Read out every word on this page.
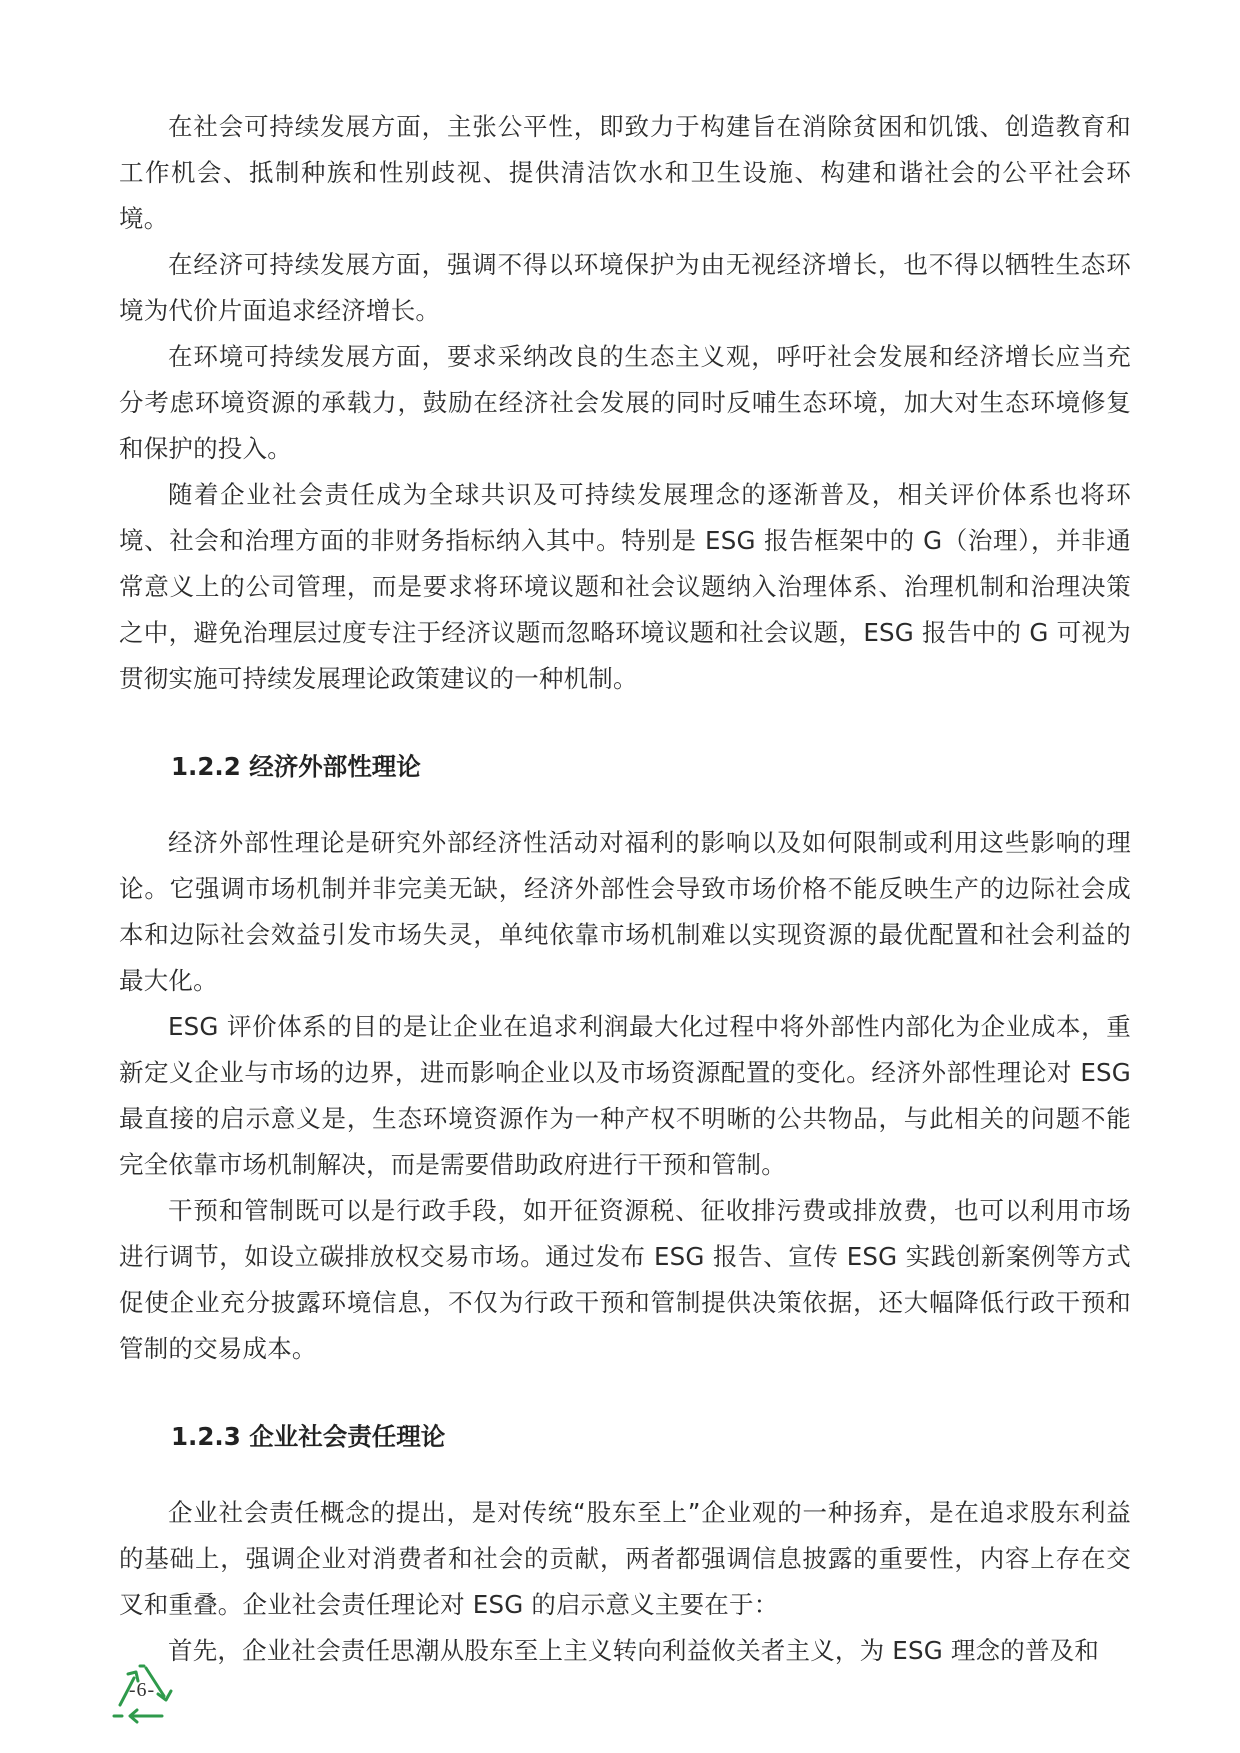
在社会可持续发展方面，主张公平性，即致力于构建旨在消除贫困和饥饿、创造教育和工作机会、抵制种族和性别歧视、提供清洁饮水和卫生设施、构建和谐社会的公平社会环境。

在经济可持续发展方面，强调不得以环境保护为由无视经济增长，也不得以牺牲生态环境为代价片面追求经济增长。

在环境可持续发展方面，要求采纳改良的生态主义观，呼吁社会发展和经济增长应当充分考虑环境资源的承载力，鼓励在经济社会发展的同时反哺生态环境，加大对生态环境修复和保护的投入。

随着企业社会责任成为全球共识及可持续发展理念的逐渐普及，相关评价体系也将环境、社会和治理方面的非财务指标纳入其中。特别是 ESG 报告框架中的 G（治理），并非通常意义上的公司管理，而是要求将环境议题和社会议题纳入治理体系、治理机制和治理决策之中，避免治理层过度专注于经济议题而忽略环境议题和社会议题，ESG 报告中的 G 可视为贯彻实施可持续发展理论政策建议的一种机制。

1.2.2 经济外部性理论

经济外部性理论是研究外部经济性活动对福利的影响以及如何限制或利用这些影响的理论。它强调市场机制并非完美无缺，经济外部性会导致市场价格不能反映生产的边际社会成本和边际社会效益引发市场失灵，单纯依靠市场机制难以实现资源的最优配置和社会利益的最大化。

ESG 评价体系的目的是让企业在追求利润最大化过程中将外部性内部化为企业成本，重新定义企业与市场的边界，进而影响企业以及市场资源配置的变化。经济外部性理论对 ESG 最直接的启示意义是，生态环境资源作为一种产权不明晰的公共物品，与此相关的问题不能完全依靠市场机制解决，而是需要借助政府进行干预和管制。

干预和管制既可以是行政手段，如开征资源税、征收排污费或排放费，也可以利用市场进行调节，如设立碳排放权交易市场。通过发布 ESG 报告、宣传 ESG 实践创新案例等方式促使企业充分披露环境信息，不仅为行政干预和管制提供决策依据，还大幅降低行政干预和管制的交易成本。

1.2.3 企业社会责任理论

企业社会责任概念的提出，是对传统“股东至上”企业观的一种扬弃，是在追求股东利益的基础上，强调企业对消费者和社会的贡献，两者都强调信息披露的重要性，内容上存在交叉和重叠。企业社会责任理论对 ESG 的启示意义主要在于：

首先，企业社会责任思潮从股东至上主义转向利益攸关者主义，为 ESG 理念的普及和

-6-
